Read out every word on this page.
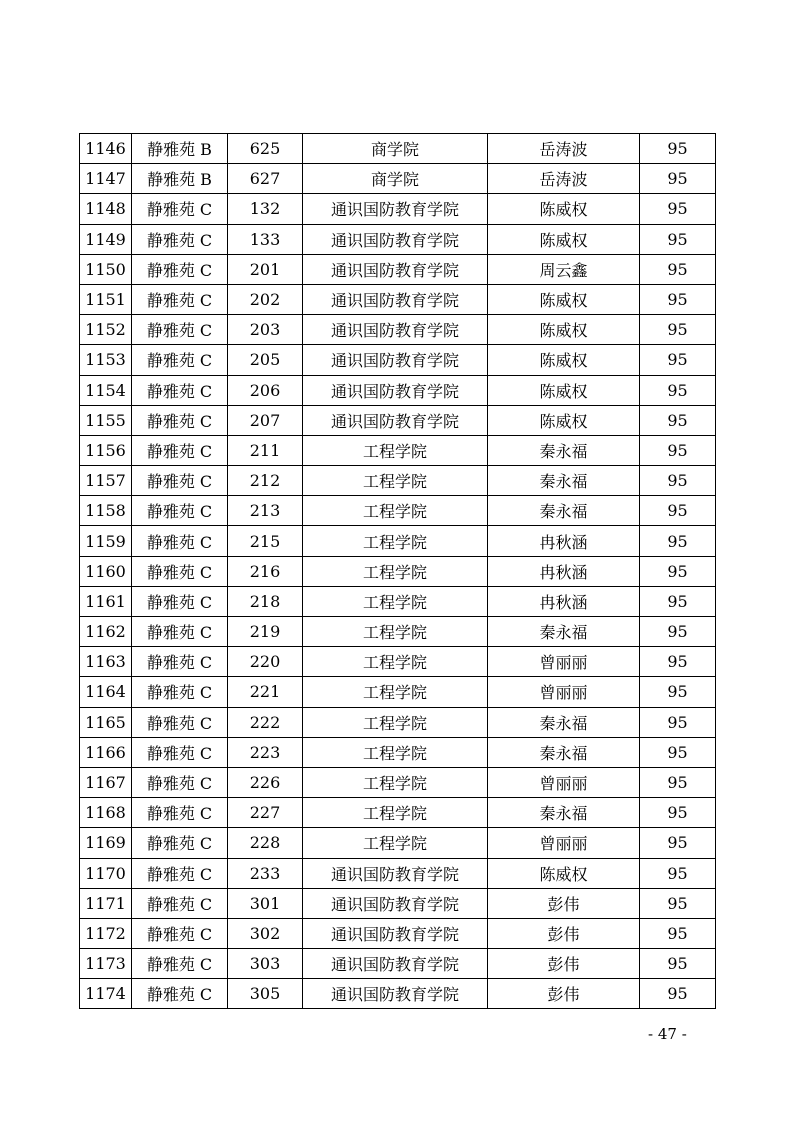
1146	静雅苑 B	625	商学院	岳涛波	95
1147	静雅苑 B	627	商学院	岳涛波	95
1148	静雅苑 C	132	通识国防教育学院	陈威权	95
1149	静雅苑 C	133	通识国防教育学院	陈威权	95
1150	静雅苑 C	201	通识国防教育学院	周云鑫	95
1151	静雅苑 C	202	通识国防教育学院	陈威权	95
1152	静雅苑 C	203	通识国防教育学院	陈威权	95
1153	静雅苑 C	205	通识国防教育学院	陈威权	95
1154	静雅苑 C	206	通识国防教育学院	陈威权	95
1155	静雅苑 C	207	通识国防教育学院	陈威权	95
1156	静雅苑 C	211	工程学院	秦永福	95
1157	静雅苑 C	212	工程学院	秦永福	95
1158	静雅苑 C	213	工程学院	秦永福	95
1159	静雅苑 C	215	工程学院	冉秋涵	95
1160	静雅苑 C	216	工程学院	冉秋涵	95
1161	静雅苑 C	218	工程学院	冉秋涵	95
1162	静雅苑 C	219	工程学院	秦永福	95
1163	静雅苑 C	220	工程学院	曾丽丽	95
1164	静雅苑 C	221	工程学院	曾丽丽	95
1165	静雅苑 C	222	工程学院	秦永福	95
1166	静雅苑 C	223	工程学院	秦永福	95
1167	静雅苑 C	226	工程学院	曾丽丽	95
1168	静雅苑 C	227	工程学院	秦永福	95
1169	静雅苑 C	228	工程学院	曾丽丽	95
1170	静雅苑 C	233	通识国防教育学院	陈威权	95
1171	静雅苑 C	301	通识国防教育学院	彭伟	95
1172	静雅苑 C	302	通识国防教育学院	彭伟	95
1173	静雅苑 C	303	通识国防教育学院	彭伟	95
1174	静雅苑 C	305	通识国防教育学院	彭伟	95
- 47 -
